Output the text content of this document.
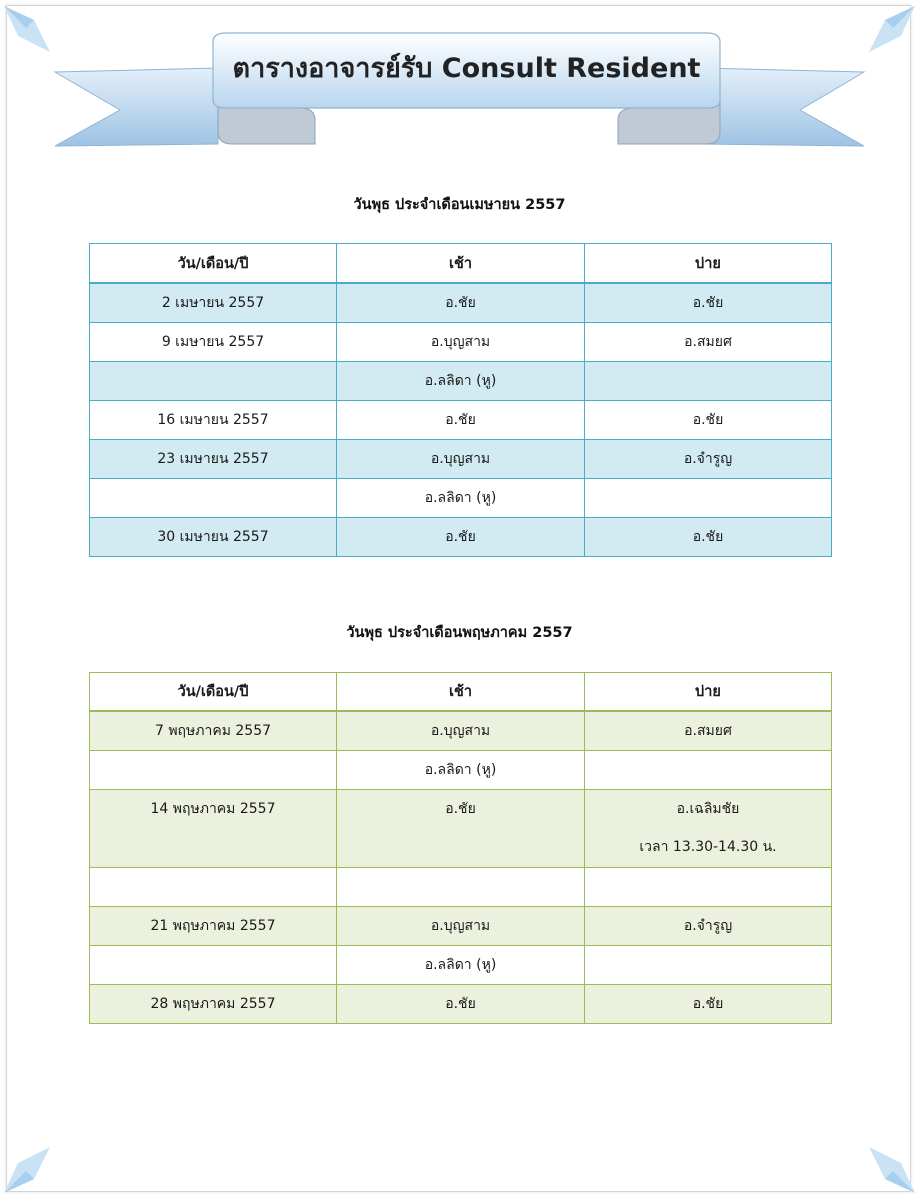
ตารางอาจารย์รับ Consult Resident
วันพุธ ประจำเดือนเมษายน 2557
วัน/เดือน/ปี	เช้า	บ่าย
2 เมษายน 2557	อ.ชัย	อ.ชัย
9 เมษายน 2557	อ.บุญสาม	อ.สมยศ
	อ.ลลิดา (หู)	
16 เมษายน 2557	อ.ชัย	อ.ชัย
23 เมษายน 2557	อ.บุญสาม	อ.จำรูญ
	อ.ลลิดา (หู)	
30 เมษายน 2557	อ.ชัย	อ.ชัย
วันพุธ ประจำเดือนพฤษภาคม 2557
วัน/เดือน/ปี	เช้า	บ่าย
7 พฤษภาคม 2557	อ.บุญสาม	อ.สมยศ
	อ.ลลิดา (หู)	

14 พฤษภาคม 2557	อ.ชัย	อ.เฉลิมชัย
เวลา 13.30-14.30 น.

21 พฤษภาคม 2557	อ.บุญสาม	อ.จำรูญ
	อ.ลลิดา (หู)	
28 พฤษภาคม 2557	อ.ชัย	อ.ชัย
